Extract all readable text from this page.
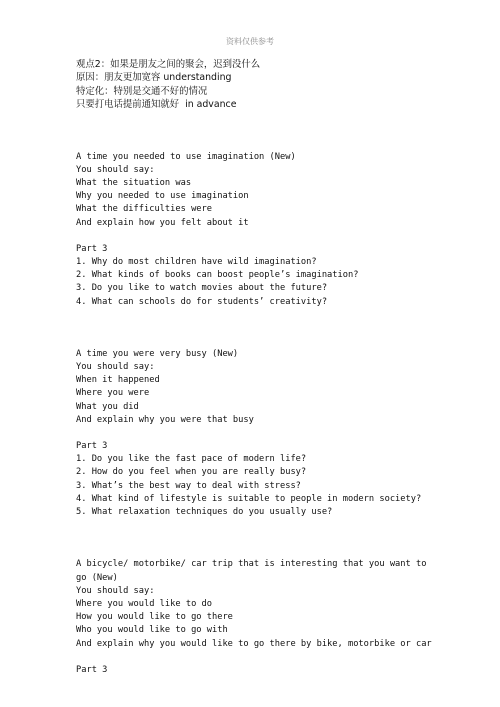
资料仅供参考
观点2：如果是朋友之间的聚会，迟到没什么
原因：朋友更加宽容 understanding
特定化：特别是交通不好的情况
只要打电话提前通知就好  in advance
A time you needed to use imagination (New)
You should say:
What the situation was
Why you needed to use imagination
What the difficulties were
And explain how you felt about it
Part 3
1. Why do most children have wild imagination?
2. What kinds of books can boost people’s imagination?
3. Do you like to watch movies about the future?
4. What can schools do for students’ creativity?
A time you were very busy (New)
You should say:
When it happened
Where you were
What you did
And explain why you were that busy
Part 3
1. Do you like the fast pace of modern life?
2. How do you feel when you are really busy?
3. What’s the best way to deal with stress?
4. What kind of lifestyle is suitable to people in modern society?
5. What relaxation techniques do you usually use?
A bicycle/ motorbike/ car trip that is interesting that you want to
go (New)
You should say:
Where you would like to do
How you would like to go there
Who you would like to go with
And explain why you would like to go there by bike, motorbike or car
Part 3
